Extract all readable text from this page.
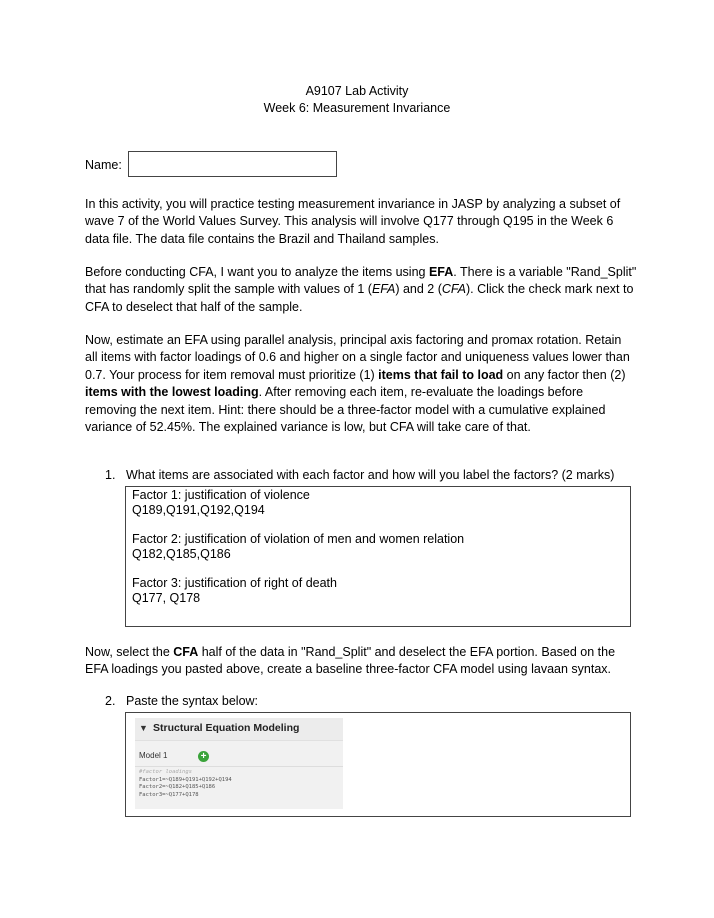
A9107 Lab Activity
Week 6: Measurement Invariance
Name:

In this activity, you will practice testing measurement invariance in JASP by analyzing a subset of wave 7 of the World Values Survey. This analysis will involve Q177 through Q195 in the Week 6 data file. The data file contains the Brazil and Thailand samples.

Before conducting CFA, I want you to analyze the items using EFA. There is a variable "Rand_Split" that has randomly split the sample with values of 1 (EFA) and 2 (CFA). Click the check mark next to CFA to deselect that half of the sample.

Now, estimate an EFA using parallel analysis, principal axis factoring and promax rotation. Retain all items with factor loadings of 0.6 and higher on a single factor and uniqueness values lower than 0.7. Your process for item removal must prioritize (1) items that fail to load on any factor then (2) items with the lowest loading. After removing each item, re-evaluate the loadings before removing the next item. Hint: there should be a three-factor model with a cumulative explained variance of 52.45%. The explained variance is low, but CFA will take care of that.

1. What items are associated with each factor and how will you label the factors? (2 marks)
Factor 1: justification of violence
Q189,Q191,Q192,Q194
Factor 2: justification of violation of men and women relation
Q182,Q185,Q186
Factor 3: justification of right of death
Q177, Q178

Now, select the CFA half of the data in "Rand_Split" and deselect the EFA portion. Based on the EFA loadings you pasted above, create a baseline three-factor CFA model using lavaan syntax.

2. Paste the syntax below:
▼ Structural Equation Modeling
Model 1	+
#factor loadings
Factor1=~Q189+Q191+Q192+Q194
Factor2=~Q182+Q185+Q186
Factor3=~Q177+Q178
